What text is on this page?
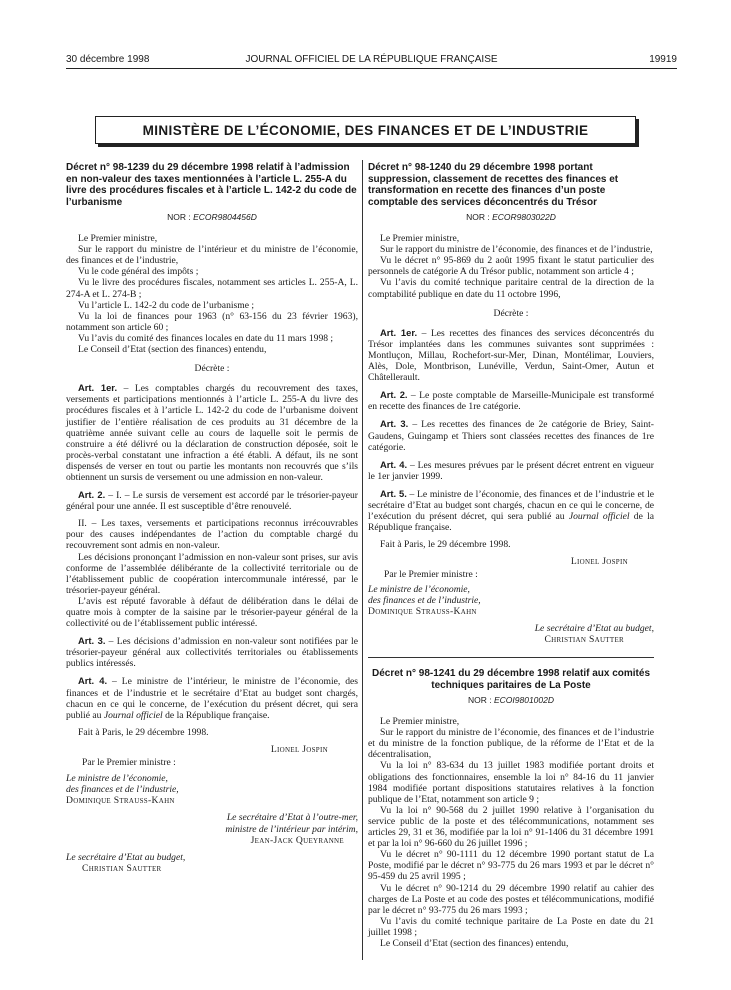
30 décembre 1998	JOURNAL OFFICIEL DE LA RÉPUBLIQUE FRANÇAISE	19919
MINISTÈRE DE L’ÉCONOMIE, DES FINANCES ET DE L’INDUSTRIE
Décret n° 98-1239 du 29 décembre 1998 relatif à l’admission en non-valeur des taxes mentionnées à l’article L. 255-A du livre des procédures fiscales et à l’article L. 142-2 du code de l’urbanisme
NOR : ECOR9804456D

Le Premier ministre,

Sur le rapport du ministre de l’intérieur et du ministre de l’économie, des finances et de l’industrie,

Vu le code général des impôts ;

Vu le livre des procédures fiscales, notamment ses articles L. 255-A, L. 274-A et L. 274-B ;

Vu l’article L. 142-2 du code de l’urbanisme ;

Vu la loi de finances pour 1963 (n° 63-156 du 23 février 1963), notamment son article 60 ;

Vu l’avis du comité des finances locales en date du 11 mars 1998 ;

Le Conseil d’Etat (section des finances) entendu,

Décrète :

Art. 1er. – Les comptables chargés du recouvrement des taxes, versements et participations mentionnés à l’article L. 255-A du livre des procédures fiscales et à l’article L. 142-2 du code de l’urbanisme doivent justifier de l’entière réalisation de ces produits au 31 décembre de la quatrième année suivant celle au cours de laquelle soit le permis de construire a été délivré ou la déclaration de construction déposée, soit le procès-verbal constatant une infraction a été établi. A défaut, ils ne sont dispensés de verser en tout ou partie les montants non recouvrés que s’ils obtiennent un sursis de versement ou une admission en non-valeur.

Art. 2. – I. – Le sursis de versement est accordé par le trésorier-payeur général pour une année. Il est susceptible d’être renouvelé.

II. – Les taxes, versements et participations reconnus irrécouvrables pour des causes indépendantes de l’action du comptable chargé du recouvrement sont admis en non-valeur.

Les décisions prononçant l’admission en non-valeur sont prises, sur avis conforme de l’assemblée délibérante de la collectivité territoriale ou de l’établissement public de coopération intercommunale intéressé, par le trésorier-payeur général.

L’avis est réputé favorable à défaut de délibération dans le délai de quatre mois à compter de la saisine par le trésorier-payeur général de la collectivité ou de l’établissement public intéressé.

Art. 3. – Les décisions d’admission en non-valeur sont notifiées par le trésorier-payeur général aux collectivités territoriales ou établissements publics intéressés.

Art. 4. – Le ministre de l’intérieur, le ministre de l’économie, des finances et de l’industrie et le secrétaire d’Etat au budget sont chargés, chacun en ce qui le concerne, de l’exécution du présent décret, qui sera publié au Journal officiel de la République française.

Fait à Paris, le 29 décembre 1998.

Lionel Jospin

Par le Premier ministre :

Le ministre de l’économie,

des finances et de l’industrie,

Dominique Strauss-Kahn

Le secrétaire d’Etat à l’outre-mer,

ministre de l’intérieur par intérim,

Jean-Jack Queyranne

Le secrétaire d’Etat au budget,

Christian Sautter

Décret n° 98-1240 du 29 décembre 1998 portant suppression, classement de recettes des finances et transformation en recette des finances d’un poste comptable des services déconcentrés du Trésor
NOR : ECOR9803022D

Le Premier ministre,

Sur le rapport du ministre de l’économie, des finances et de l’industrie,

Vu le décret n° 95-869 du 2 août 1995 fixant le statut particulier des personnels de catégorie A du Trésor public, notamment son article 4 ;

Vu l’avis du comité technique paritaire central de la direction de la comptabilité publique en date du 11 octobre 1996,

Décrète :

Art. 1er. – Les recettes des finances des services déconcentrés du Trésor implantées dans les communes suivantes sont supprimées : Montluçon, Millau, Rochefort-sur-Mer, Dinan, Montélimar, Louviers, Alès, Dole, Montbrison, Lunéville, Verdun, Saint-Omer, Autun et Châtellerault.

Art. 2. – Le poste comptable de Marseille-Municipale est transformé en recette des finances de 1re catégorie.

Art. 3. – Les recettes des finances de 2e catégorie de Briey, Saint-Gaudens, Guingamp et Thiers sont classées recettes des finances de 1re catégorie.

Art. 4. – Les mesures prévues par le présent décret entrent en vigueur le 1er janvier 1999.

Art. 5. – Le ministre de l’économie, des finances et de l’industrie et le secrétaire d’Etat au budget sont chargés, chacun en ce qui le concerne, de l’exécution du présent décret, qui sera publié au Journal officiel de la République française.

Fait à Paris, le 29 décembre 1998.

Lionel Jospin

Par le Premier ministre :

Le ministre de l’économie,

des finances et de l’industrie,

Dominique Strauss-Kahn

Le secrétaire d’Etat au budget,

Christian Sautter

Décret n° 98-1241 du 29 décembre 1998 relatif aux comités techniques paritaires de La Poste
NOR : ECOI9801002D

Le Premier ministre,

Sur le rapport du ministre de l’économie, des finances et de l’industrie et du ministre de la fonction publique, de la réforme de l’Etat et de la décentralisation,

Vu la loi n° 83-634 du 13 juillet 1983 modifiée portant droits et obligations des fonctionnaires, ensemble la loi n° 84-16 du 11 janvier 1984 modifiée portant dispositions statutaires relatives à la fonction publique de l’Etat, notamment son article 9 ;

Vu la loi n° 90-568 du 2 juillet 1990 relative à l’organisation du service public de la poste et des télécommunications, notamment ses articles 29, 31 et 36, modifiée par la loi n° 91-1406 du 31 décembre 1991 et par la loi n° 96-660 du 26 juillet 1996 ;

Vu le décret n° 90-1111 du 12 décembre 1990 portant statut de La Poste, modifié par le décret n° 93-775 du 26 mars 1993 et par le décret n° 95-459 du 25 avril 1995 ;

Vu le décret n° 90-1214 du 29 décembre 1990 relatif au cahier des charges de La Poste et au code des postes et télécommunications, modifié par le décret n° 93-775 du 26 mars 1993 ;

Vu l’avis du comité technique paritaire de La Poste en date du 21 juillet 1998 ;

Le Conseil d’Etat (section des finances) entendu,
